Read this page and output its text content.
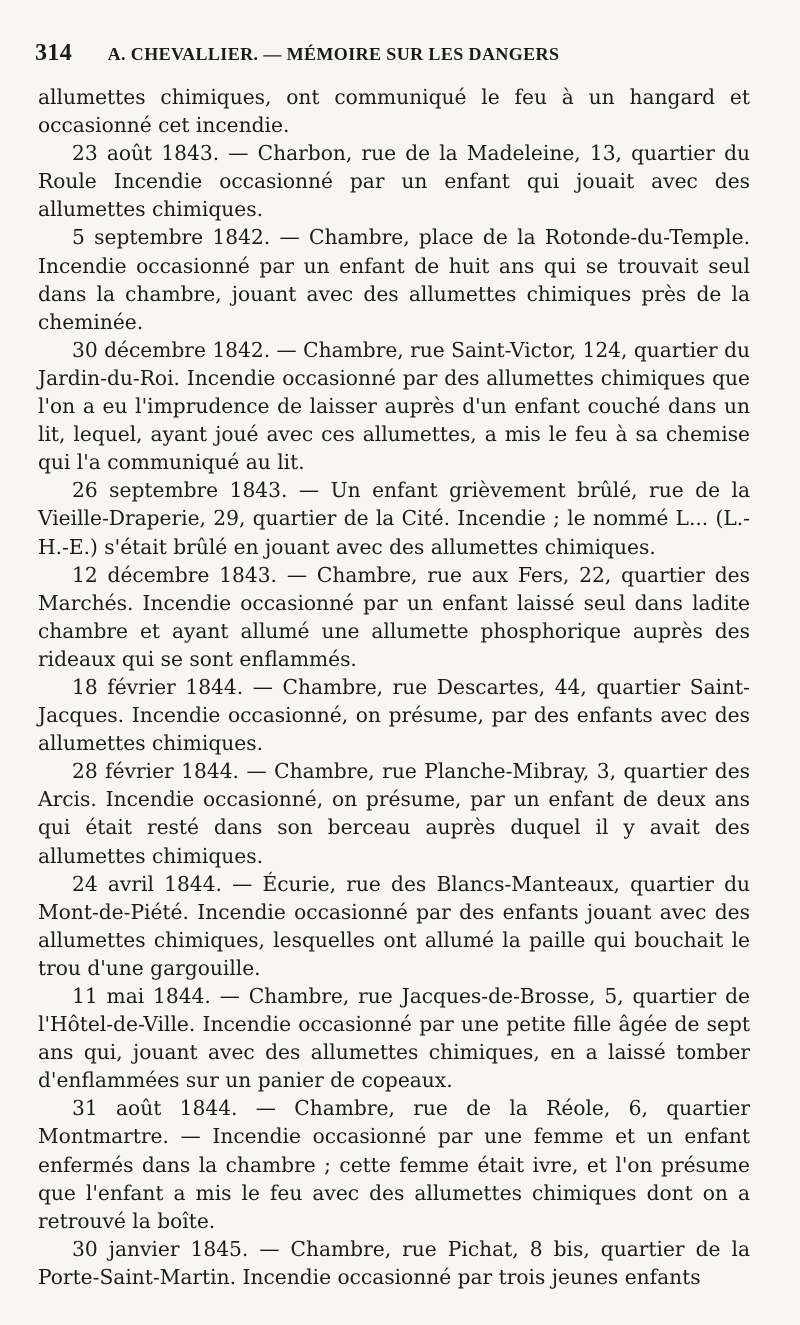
314 A. CHEVALLIER. — MÉMOIRE SUR LES DANGERS

allumettes chimiques, ont communiqué le feu à un hangard et occasionné cet incendie.

23 août 1843. — Charbon, rue de la Madeleine, 13, quartier du Roule Incendie occasionné par un enfant qui jouait avec des allumettes chimiques.

5 septembre 1842. — Chambre, place de la Rotonde-du-Temple. Incendie occasionné par un enfant de huit ans qui se trouvait seul dans la chambre, jouant avec des allumettes chimiques près de la cheminée.

30 décembre 1842. — Chambre, rue Saint-Victor, 124, quartier du Jardin-du-Roi. Incendie occasionné par des allumettes chimiques que l'on a eu l'imprudence de laisser auprès d'un enfant couché dans un lit, lequel, ayant joué avec ces allumettes, a mis le feu à sa chemise qui l'a communiqué au lit.

26 septembre 1843. — Un enfant grièvement brûlé, rue de la Vieille-Draperie, 29, quartier de la Cité. Incendie ; le nommé L... (L.-H.-E.) s'était brûlé en jouant avec des allumettes chimiques.

12 décembre 1843. — Chambre, rue aux Fers, 22, quartier des Marchés. Incendie occasionné par un enfant laissé seul dans ladite chambre et ayant allumé une allumette phosphorique auprès des rideaux qui se sont enflammés.

18 février 1844. — Chambre, rue Descartes, 44, quartier Saint-Jacques. Incendie occasionné, on présume, par des enfants avec des allumettes chimiques.

28 février 1844. — Chambre, rue Planche-Mibray, 3, quartier des Arcis. Incendie occasionné, on présume, par un enfant de deux ans qui était resté dans son berceau auprès duquel il y avait des allumettes chimiques.

24 avril 1844. — Écurie, rue des Blancs-Manteaux, quartier du Mont-de-Piété. Incendie occasionné par des enfants jouant avec des allumettes chimiques, lesquelles ont allumé la paille qui bouchait le trou d'une gargouille.

11 mai 1844. — Chambre, rue Jacques-de-Brosse, 5, quartier de l'Hôtel-de-Ville. Incendie occasionné par une petite fille âgée de sept ans qui, jouant avec des allumettes chimiques, en a laissé tomber d'enflammées sur un panier de copeaux.

31 août 1844. — Chambre, rue de la Réole, 6, quartier Montmartre. — Incendie occasionné par une femme et un enfant enfermés dans la chambre ; cette femme était ivre, et l'on présume que l'enfant a mis le feu avec des allumettes chimiques dont on a retrouvé la boîte.

30 janvier 1845. — Chambre, rue Pichat, 8 bis, quartier de la Porte-Saint-Martin. Incendie occasionné par trois jeunes enfants
